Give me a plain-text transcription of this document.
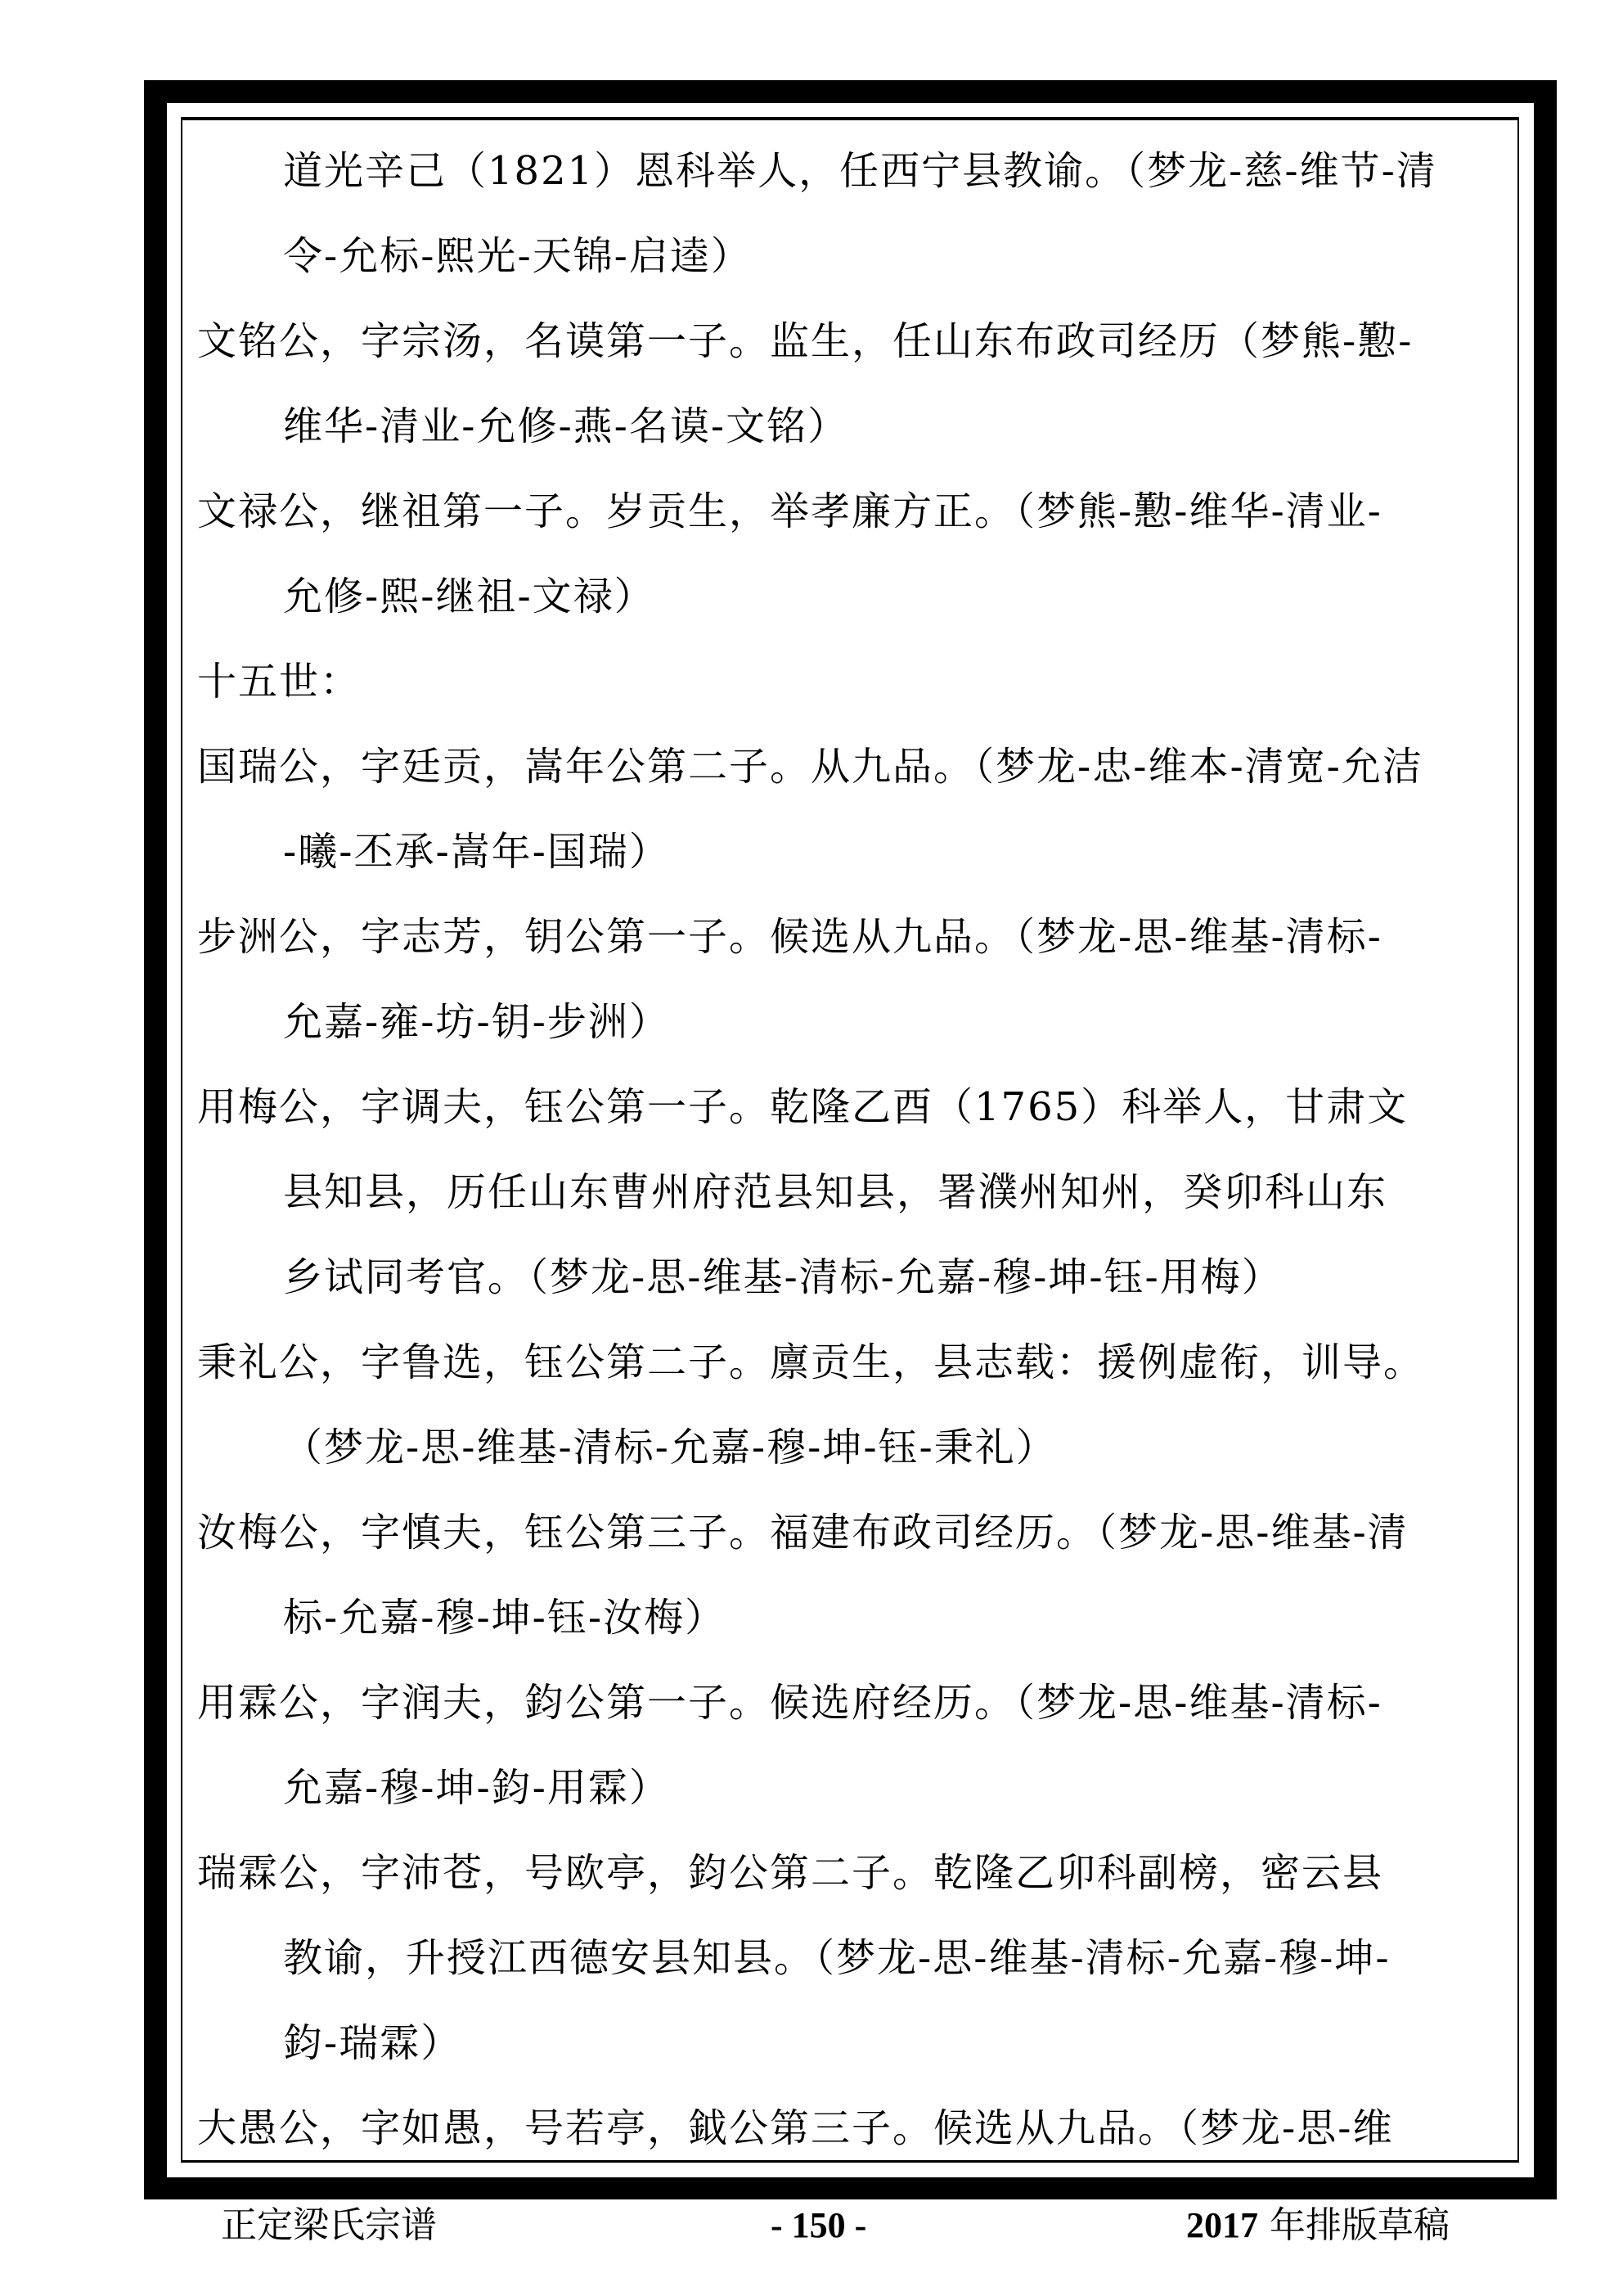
道光辛己（1821）恩科举人，任西宁县教谕。（梦龙-慈-维节-清
令-允标-熙光-天锦-启逵）
文铭公，字宗汤，名谟第一子。监生，任山东布政司经历（梦熊-懃-
维华-清业-允修-燕-名谟-文铭）
文禄公，继祖第一子。岁贡生，举孝廉方正。（梦熊-懃-维华-清业-
允修-熙-继祖-文禄）
十五世：
国瑞公，字廷贡，嵩年公第二子。从九品。（梦龙-忠-维本-清宽-允洁
-曦-丕承-嵩年-国瑞）
步洲公，字志芳，钥公第一子。候选从九品。（梦龙-思-维基-清标-
允嘉-雍-坊-钥-步洲）
用梅公，字调夫，钰公第一子。乾隆乙酉（1765）科举人，甘肃文
县知县，历任山东曹州府范县知县，署濮州知州，癸卯科山东
乡试同考官。（梦龙-思-维基-清标-允嘉-穆-坤-钰-用梅）
秉礼公，字鲁选，钰公第二子。廪贡生，县志载：援例虚衔，训导。
（梦龙-思-维基-清标-允嘉-穆-坤-钰-秉礼）
汝梅公，字慎夫，钰公第三子。福建布政司经历。（梦龙-思-维基-清
标-允嘉-穆-坤-钰-汝梅）
用霖公，字润夫，鈞公第一子。候选府经历。（梦龙-思-维基-清标-
允嘉-穆-坤-鈞-用霖）
瑞霖公，字沛苍，号欧亭，鈞公第二子。乾隆乙卯科副榜，密云县
教谕，升授江西德安县知县。（梦龙-思-维基-清标-允嘉-穆-坤-
鈞-瑞霖）
大愚公，字如愚，号若亭，鉞公第三子。候选从九品。（梦龙-思-维
正定梁氏宗谱	- 150 -	2017 年排版草稿
